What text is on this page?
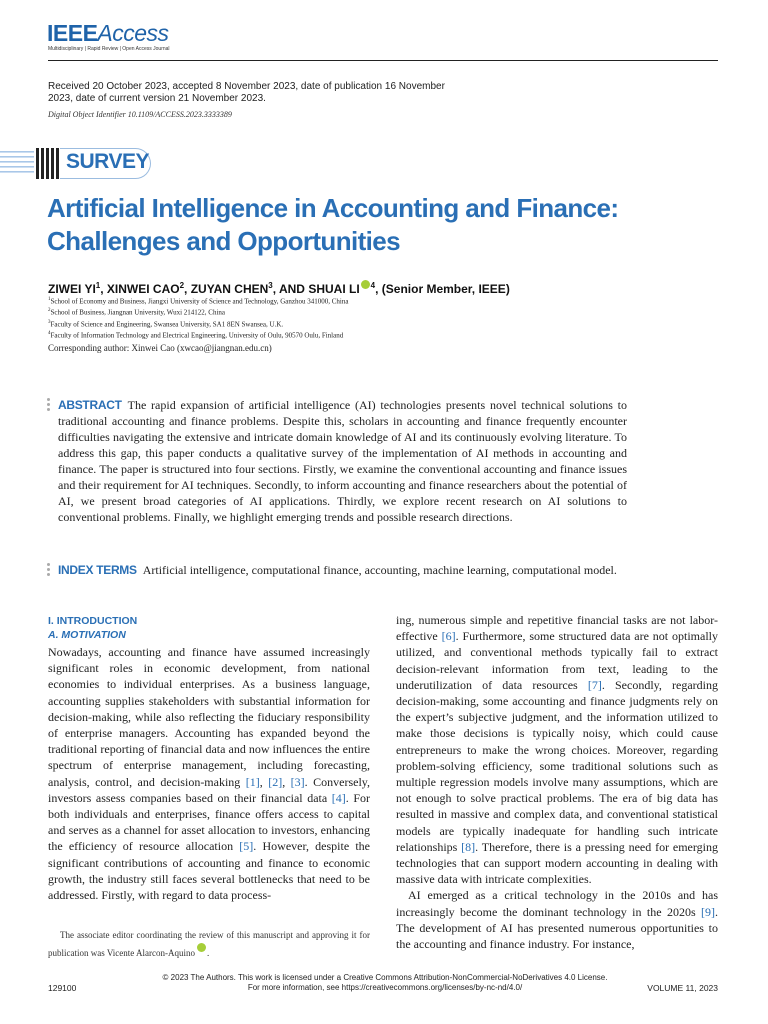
IEEEAccess
Multidisciplinary | Rapid Review | Open Access Journal
Received 20 October 2023, accepted 8 November 2023, date of publication 16 November 2023, date of current version 21 November 2023.
Digital Object Identifier 10.1109/ACCESS.2023.3333389
SURVEY
Artificial Intelligence in Accounting and Finance: Challenges and Opportunities
ZIWEI $YI^1$, XINWEI CAO$^2$, ZUYAN CHEN$^3$, AND SHUAI LI $^4$, (Senior Member, IEEE)
$^1$School of Economy and Business, Jiangxi University of Science and Technology, Ganzhou 341000, China
$^2$School of Business, Jiangnan University, Wuxi 214122, China
$^3$Faculty of Science and Engineering, Swansea University, SA1 8EN Swansea, U.K.
$^4$Faculty of Information Technology and Electrical Engineering, University of Oulu, 90570 Oulu, Finland
Corresponding author: Xinwei Cao (xwcao@jiangnan.edu.cn)
ABSTRACT The rapid expansion of artificial intelligence (AI) technologies presents novel technical solutions to traditional accounting and finance problems. Despite this, scholars in accounting and finance frequently encounter difficulties navigating the extensive and intricate domain knowledge of AI and its continuously evolving literature. To address this gap, this paper conducts a qualitative survey of the implementation of AI methods in accounting and finance. The paper is structured into four sections. Firstly, we examine the conventional accounting and finance issues and their requirement for AI techniques. Secondly, to inform accounting and finance researchers about the potential of AI, we present broad categories of AI applications. Thirdly, we explore recent research on AI solutions to conventional problems. Finally, we highlight emerging trends and possible research directions.
INDEX TERMS Artificial intelligence, computational finance, accounting, machine learning, computational model.
I. INTRODUCTION
A. MOTIVATION

Nowadays, accounting and finance have assumed increasingly significant roles in economic development, from national economies to individual enterprises. As a business language, accounting supplies stakeholders with substantial information for decision-making, while also reflecting the fiduciary responsibility of enterprise managers. Accounting has expanded beyond the traditional reporting of financial data and now influences the entire spectrum of enterprise management, including forecasting, analysis, control, and decision-making [1], [2], [3]. Conversely, investors assess companies based on their financial data [4]. For both individuals and enterprises, finance offers access to capital and serves as a channel for asset allocation to investors, enhancing the efficiency of resource allocation [5]. However, despite the significant contributions of accounting and finance to economic growth, the industry still faces several bottlenecks that need to be addressed. Firstly, with regard to data process-

ing, numerous simple and repetitive financial tasks are not labor-effective [6]. Furthermore, some structured data are not optimally utilized, and conventional methods typically fail to extract decision-relevant information from text, leading to the underutilization of data resources [7]. Secondly, regarding decision-making, some accounting and finance judgments rely on the expert’s subjective judgment, and the information utilized to make those decisions is typically noisy, which could cause entrepreneurs to make the wrong choices. Moreover, regarding problem-solving efficiency, some traditional solutions such as multiple regression models involve many assumptions, which are not enough to solve practical problems. The era of big data has resulted in massive and complex data, and conventional statistical models are typically inadequate for handling such intricate relationships [8]. Therefore, there is a pressing need for emerging technologies that can support modern accounting in dealing with massive data with intricate complexities.

AI emerged as a critical technology in the 2010s and has increasingly become the dominant technology in the 2020s [9]. The development of AI has presented numerous opportunities to the accounting and finance industry. For instance,

The associate editor coordinating the review of this manuscript and approving it for publication was Vicente Alarcon-Aquino .
© 2023 The Authors. This work is licensed under a Creative Commons Attribution-NonCommercial-NoDerivatives 4.0 License.
For more information, see https://creativecommons.org/licenses/by-nc-nd/4.0/
129100	VOLUME 11, 2023
